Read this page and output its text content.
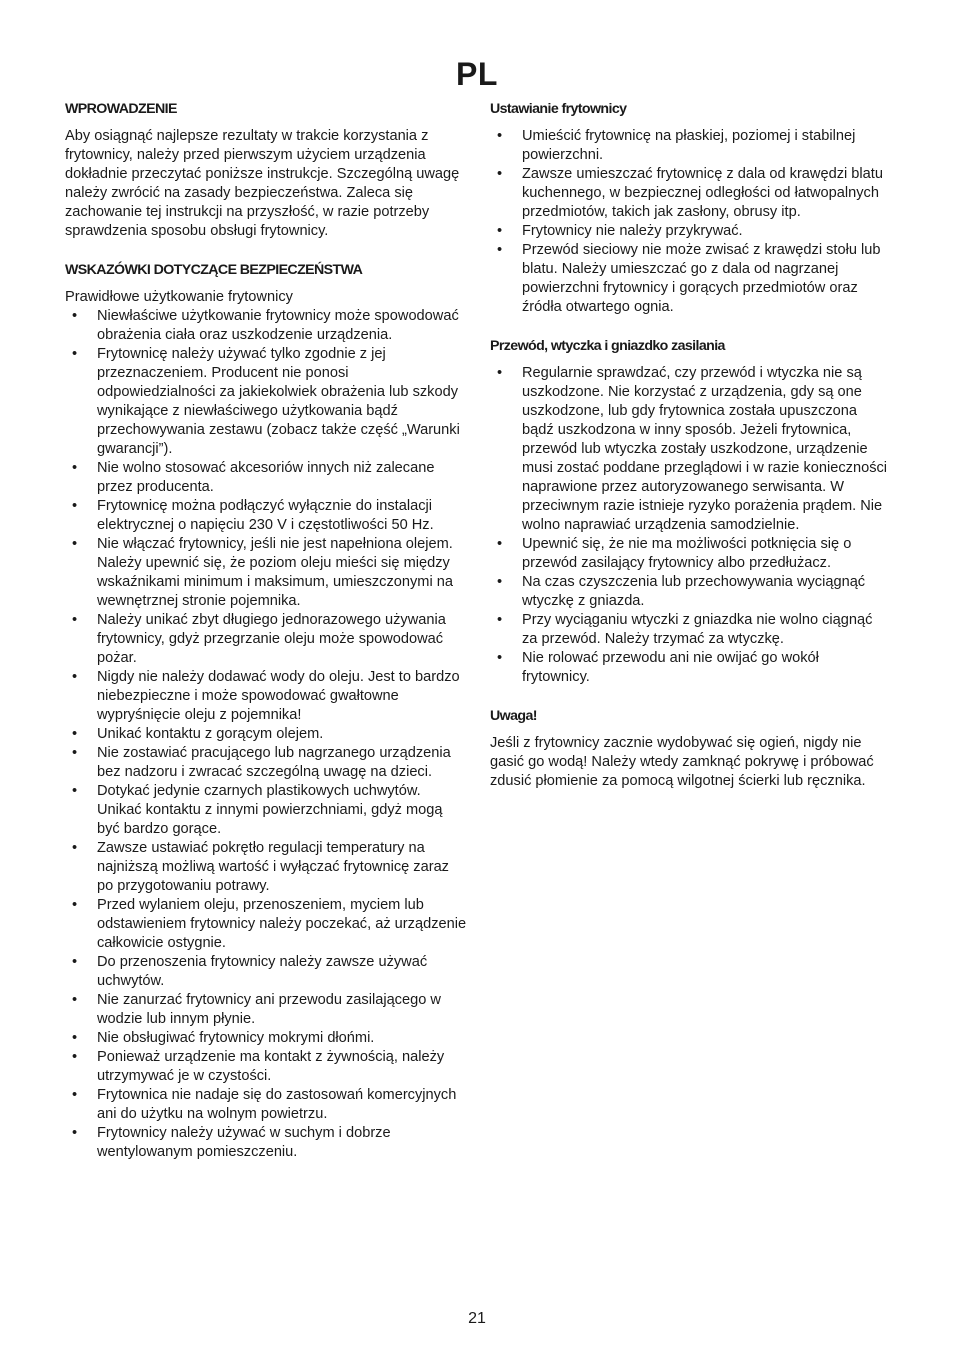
PL
WPROWADZENIE

Aby osiągnąć najlepsze rezultaty w trakcie korzystania z frytownicy, należy przed pierwszym użyciem urządzenia dokładnie przeczytać poniższe instrukcje. Szczególną uwagę należy zwrócić na zasady bezpieczeństwa. Zaleca się zachowanie tej instrukcji na przyszłość, w razie potrzeby sprawdzenia sposobu obsługi frytownicy.

WSKAZÓWKI DOTYCZĄCE BEZPIECZEŃSTWA

Prawidłowe użytkowanie frytownicy

• Niewłaściwe użytkowanie frytownicy może spowodować obrażenia ciała oraz uszkodzenie urządzenia.
• Frytownicę należy używać tylko zgodnie z jej przeznaczeniem. Producent nie ponosi odpowiedzialności za jakiekolwiek obrażenia lub szkody wynikające z niewłaściwego użytkowania bądź przechowywania zestawu (zobacz także część „Warunki gwarancji”).
• Nie wolno stosować akcesoriów innych niż zalecane przez producenta.
• Frytownicę można podłączyć wyłącznie do instalacji elektrycznej o napięciu 230 V i częstotliwości 50 Hz.
• Nie włączać frytownicy, jeśli nie jest napełniona olejem. Należy upewnić się, że poziom oleju mieści się między wskaźnikami minimum i maksimum, umieszczonymi na wewnętrznej stronie pojemnika.
• Należy unikać zbyt długiego jednorazowego używania frytownicy, gdyż przegrzanie oleju może spowodować pożar.
• Nigdy nie należy dodawać wody do oleju. Jest to bardzo niebezpieczne i może spowodować gwałtowne wypryśnięcie oleju z pojemnika!
• Unikać kontaktu z gorącym olejem.
• Nie zostawiać pracującego lub nagrzanego urządzenia bez nadzoru i zwracać szczególną uwagę na dzieci.
• Dotykać jedynie czarnych plastikowych uchwytów. Unikać kontaktu z innymi powierzchniami, gdyż mogą być bardzo gorące.
• Zawsze ustawiać pokrętło regulacji temperatury na najniższą możliwą wartość i wyłączać frytownicę zaraz po przygotowaniu potrawy.
• Przed wylaniem oleju, przenoszeniem, myciem lub odstawieniem frytownicy należy poczekać, aż urządzenie całkowicie ostygnie.
• Do przenoszenia frytownicy należy zawsze używać uchwytów.
• Nie zanurzać frytownicy ani przewodu zasilającego w wodzie lub innym płynie.
• Nie obsługiwać frytownicy mokrymi dłońmi.
• Ponieważ urządzenie ma kontakt z żywnością, należy utrzymywać je w czystości.
• Frytownica nie nadaje się do zastosowań komercyjnych ani do użytku na wolnym powietrzu.
• Frytownicy należy używać w suchym i dobrze wentylowanym pomieszczeniu.
Ustawianie frytownicy
• Umieścić frytownicę na płaskiej, poziomej i stabilnej powierzchni.
• Zawsze umieszczać frytownicę z dala od krawędzi blatu kuchennego, w bezpiecznej odległości od łatwopalnych przedmiotów, takich jak zasłony, obrusy itp.
• Frytownicy nie należy przykrywać.
• Przewód sieciowy nie może zwisać z krawędzi stołu lub blatu. Należy umieszczać go z dala od nagrzanej powierzchni frytownicy i gorących przedmiotów oraz źródła otwartego ognia.
Przewód, wtyczka i gniazdko zasilania
• Regularnie sprawdzać, czy przewód i wtyczka nie są uszkodzone. Nie korzystać z urządzenia, gdy są one uszkodzone, lub gdy frytownica została upuszczona bądź uszkodzona w inny sposób. Jeżeli frytownica, przewód lub wtyczka zostały uszkodzone, urządzenie musi zostać poddane przeglądowi i w razie konieczności naprawione przez autoryzowanego serwisanta. W przeciwnym razie istnieje ryzyko porażenia prądem. Nie wolno naprawiać urządzenia samodzielnie.
• Upewnić się, że nie ma możliwości potknięcia się o przewód zasilający frytownicy albo przedłużacz.
• Na czas czyszczenia lub przechowywania wyciągnąć wtyczkę z gniazda.
• Przy wyciąganiu wtyczki z gniazdka nie wolno ciągnąć za przewód. Należy trzymać za wtyczkę.
• Nie rolować przewodu ani nie owijać go wokół frytownicy.
Uwaga!

Jeśli z frytownicy zacznie wydobywać się ogień, nigdy nie gasić go wodą! Należy wtedy zamknąć pokrywę i próbować zdusić płomienie za pomocą wilgotnej ścierki lub ręcznika.

21
